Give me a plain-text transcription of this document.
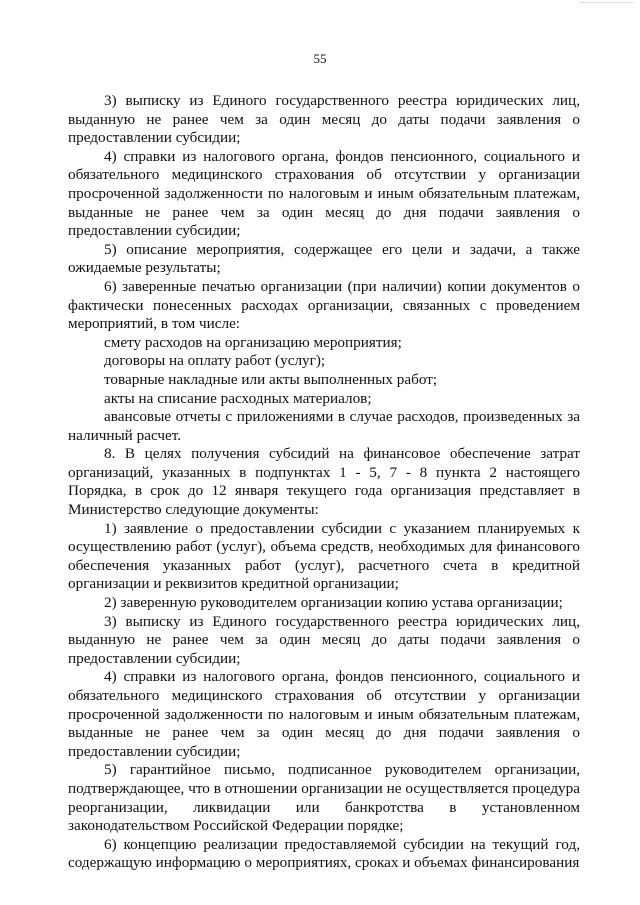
55

3) выписку из Единого государственного реестра юридических лиц, выданную не ранее чем за один месяц до даты подачи заявления о предоставлении субсидии;

4) справки из налогового органа, фондов пенсионного, социального и обязательного медицинского страхования об отсутствии у организации просроченной задолженности по налоговым и иным обязательным платежам, выданные не ранее чем за один месяц до дня подачи заявления о предоставлении субсидии;

5) описание мероприятия, содержащее его цели и задачи, а также ожидаемые результаты;

6) заверенные печатью организации (при наличии) копии документов о фактически понесенных расходах организации, связанных с проведением мероприятий, в том числе:

смету расходов на организацию мероприятия;

договоры на оплату работ (услуг);

товарные накладные или акты выполненных работ;

акты на списание расходных материалов;

авансовые отчеты с приложениями в случае расходов, произведенных за наличный расчет.

8. В целях получения субсидий на финансовое обеспечение затрат организаций, указанных в подпунктах 1 - 5, 7 - 8 пункта 2 настоящего Порядка, в срок до 12 января текущего года организация представляет в Министерство следующие документы:

1) заявление о предоставлении субсидии с указанием планируемых к осуществлению работ (услуг), объема средств, необходимых для финансового обеспечения указанных работ (услуг), расчетного счета в кредитной организации и реквизитов кредитной организации;

2) заверенную руководителем организации копию устава организации;

3) выписку из Единого государственного реестра юридических лиц, выданную не ранее чем за один месяц до даты подачи заявления о предоставлении субсидии;

4) справки из налогового органа, фондов пенсионного, социального и обязательного медицинского страхования об отсутствии у организации просроченной задолженности по налоговым и иным обязательным платежам, выданные не ранее чем за один месяц до дня подачи заявления о предоставлении субсидии;

5) гарантийное письмо, подписанное руководителем организации, подтверждающее, что в отношении организации не осуществляется процедура реорганизации, ликвидации или банкротства в установленном законодательством Российской Федерации порядке;

6) концепцию реализации предоставляемой субсидии на текущий год, содержащую информацию о мероприятиях, сроках и объемах финансирования
